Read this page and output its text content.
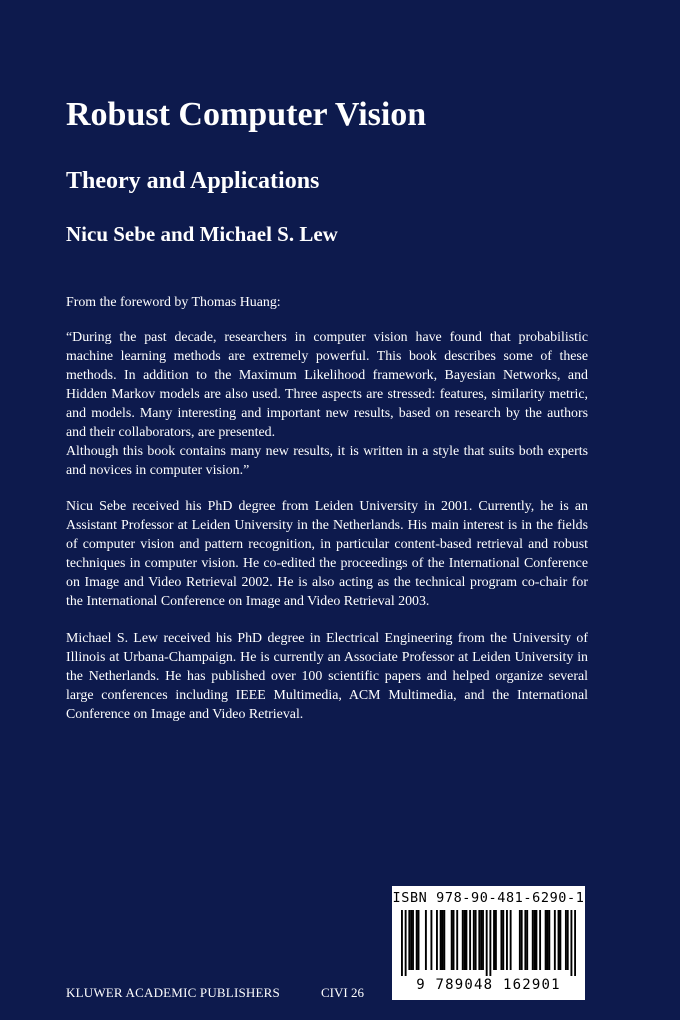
Robust Computer Vision
Theory and Applications
Nicu Sebe and Michael S. Lew
From the foreword by Thomas Huang:

“During the past decade, researchers in computer vision have found that probabilistic machine learning methods are extremely powerful. This book describes some of these methods. In addition to the Maximum Likelihood framework, Bayesian Networks, and Hidden Markov models are also used. Three aspects are stressed: features, similarity metric, and models. Many interesting and important new results, based on research by the authors and their collaborators, are presented.

Although this book contains many new results, it is written in a style that suits both experts and novices in computer vision.”

Nicu Sebe received his PhD degree from Leiden University in 2001. Currently, he is an Assistant Professor at Leiden University in the Netherlands. His main interest is in the fields of computer vision and pattern recognition, in particular content-based retrieval and robust techniques in computer vision. He co-edited the proceedings of the International Conference on Image and Video Retrieval 2002. He is also acting as the technical program co-chair for the International Conference on Image and Video Retrieval 2003.
Michael S. Lew received his PhD degree in Electrical Engineering from the University of Illinois at Urbana-Champaign. He is currently an Associate Professor at Leiden University in the Netherlands. He has published over 100 scientific papers and helped organize several large conferences including IEEE Multimedia, ACM Multimedia, and the International Conference on Image and Video Retrieval.
KLUWER ACADEMIC PUBLISHERS	CIVI 26
ISBN 978-90-481-6290-1
9 789048 162901
